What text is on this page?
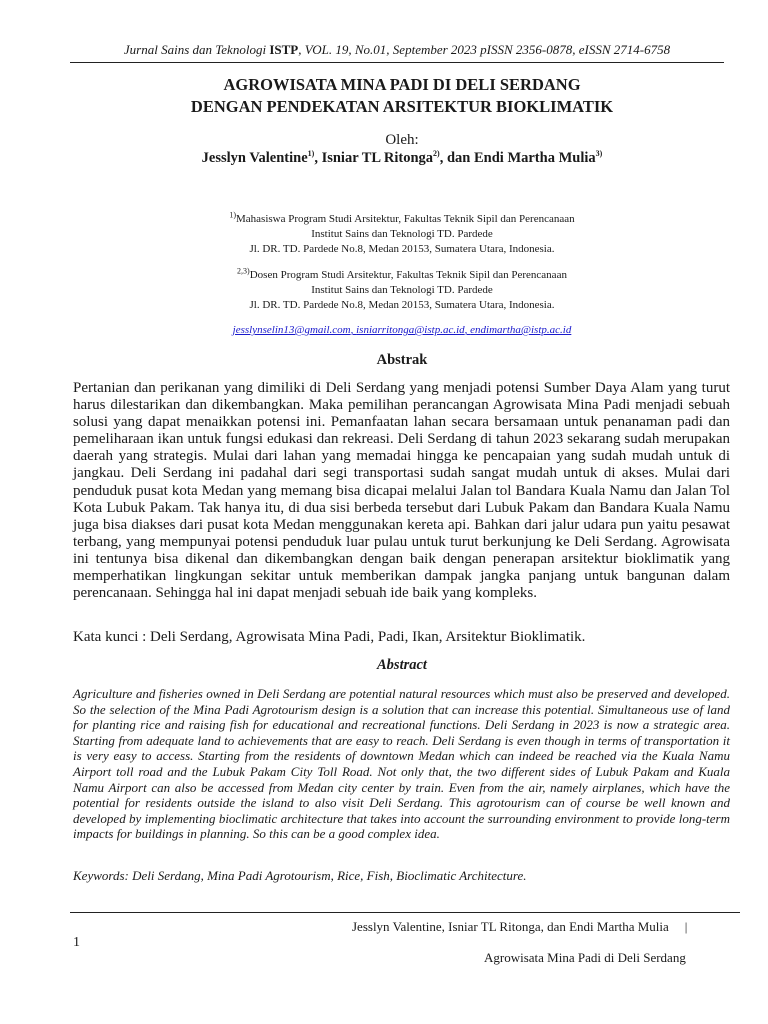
Jurnal Sains dan Teknologi ISTP, VOL. 19, No.01, September 2023 pISSN 2356-0878, eISSN 2714-6758
AGROWISATA MINA PADI DI DELI SERDANG
DENGAN PENDEKATAN ARSITEKTUR BIOKLIMATIK
Oleh:
Jesslyn Valentine$^{1)}$, Isniar TL Ritonga$^{2)}$, dan Endi Martha Mulia$^{3)}$
$^{1)}$Mahasiswa Program Studi Arsitektur, Fakultas Teknik Sipil dan Perencanaan
Institut Sains dan Teknologi TD. Pardede
Jl. DR. TD. Pardede No.8, Medan 20153, Sumatera Utara, Indonesia.
$^{2,3)}$Dosen Program Studi Arsitektur, Fakultas Teknik Sipil dan Perencanaan
Institut Sains dan Teknologi TD. Pardede
Jl. DR. TD. Pardede No.8, Medan 20153, Sumatera Utara, Indonesia.
jesslynselin13@gmail.com, isniarritonga@istp.ac.id, endimartha@istp.ac.id
Abstrak
Pertanian dan perikanan yang dimiliki di Deli Serdang yang menjadi potensi Sumber Daya Alam yang turut harus dilestarikan dan dikembangkan. Maka pemilihan perancangan Agrowisata Mina Padi menjadi sebuah solusi yang dapat menaikkan potensi ini. Pemanfaatan lahan secara bersamaan untuk penanaman padi dan pemeliharaan ikan untuk fungsi edukasi dan rekreasi. Deli Serdang di tahun 2023 sekarang sudah merupakan daerah yang strategis. Mulai dari lahan yang memadai hingga ke pencapaian yang sudah mudah untuk di jangkau. Deli Serdang ini padahal dari segi transportasi sudah sangat mudah untuk di akses. Mulai dari penduduk pusat kota Medan yang memang bisa dicapai melalui Jalan tol Bandara Kuala Namu dan Jalan Tol Kota Lubuk Pakam. Tak hanya itu, di dua sisi berbeda tersebut dari Lubuk Pakam dan Bandara Kuala Namu juga bisa diakses dari pusat kota Medan menggunakan kereta api. Bahkan dari jalur udara pun yaitu pesawat terbang, yang mempunyai potensi penduduk luar pulau untuk turut berkunjung ke Deli Serdang. Agrowisata ini tentunya bisa dikenal dan dikembangkan dengan baik dengan penerapan arsitektur bioklimatik yang memperhatikan lingkungan sekitar untuk memberikan dampak jangka panjang untuk bangunan dalam perencanaan. Sehingga hal ini dapat menjadi sebuah ide baik yang kompleks.
Kata kunci : Deli Serdang, Agrowisata Mina Padi, Padi, Ikan, Arsitektur Bioklimatik.
Abstract
Agriculture and fisheries owned in Deli Serdang are potential natural resources which must also be preserved and developed. So the selection of the Mina Padi Agrotourism design is a solution that can increase this potential. Simultaneous use of land for planting rice and raising fish for educational and recreational functions. Deli Serdang in 2023 is now a strategic area. Starting from adequate land to achievements that are easy to reach. Deli Serdang is even though in terms of transportation it is very easy to access. Starting from the residents of downtown Medan which can indeed be reached via the Kuala Namu Airport toll road and the Lubuk Pakam City Toll Road. Not only that, the two different sides of Lubuk Pakam and Kuala Namu Airport can also be accessed from Medan city center by train. Even from the air, namely airplanes, which have the potential for residents outside the island to also visit Deli Serdang. This agrotourism can of course be well known and developed by implementing bioclimatic architecture that takes into account the surrounding environment to provide long-term impacts for buildings in planning. So this can be a good complex idea.
Keywords: Deli Serdang, Mina Padi Agrotourism, Rice, Fish, Bioclimatic Architecture.
Jesslyn Valentine, Isniar TL Ritonga, dan Endi Martha Mulia |
1
Agrowisata Mina Padi di Deli Serdang
